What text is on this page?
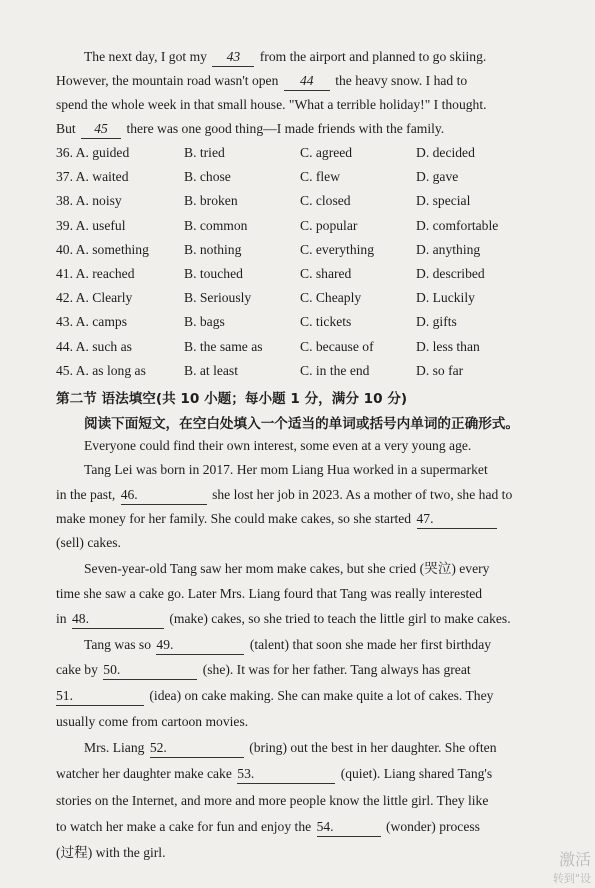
The next day, I got my 43 from the airport and planned to go skiing.
However, the mountain road wasn't open 44 the heavy snow. I had to
spend the whole week in that small house. "What a terrible holiday!" I thought.
But 45 there was one good thing—I made friends with the family.
36. A. guided	B. tried	C. agreed	D. decided
37. A. waited	B. chose	C. flew	D. gave
38. A. noisy	B. broken	C. closed	D. special
39. A. useful	B. common	C. popular	D. comfortable
40. A. something	B. nothing	C. everything	D. anything
41. A. reached	B. touched	C. shared	D. described
42. A. Clearly	B. Seriously	C. Cheaply	D. Luckily
43. A. camps	B. bags	C. tickets	D. gifts
44. A. such as	B. the same as	C. because of	D. less than
45. A. as long as	B. at least	C. in the end	D. so far
第二节 语法填空(共 10 小题；每小题 1 分，满分 10 分)
阅读下面短文，在空白处填入一个适当的单词或括号内单词的正确形式。
Everyone could find their own interest, some even at a very young age.
Tang Lei was born in 2017. Her mom Liang Hua worked in a supermarket
in the past, 46.	she lost her job in 2023. As a mother of two, she had to
make money for her family. She could make cakes, so she started 47.
(sell) cakes.
Seven-year-old Tang saw her mom make cakes, but she cried (哭泣) every
time she saw a cake go. Later Mrs. Liang fourd that Tang was really interested
in 48.	(make) cakes, so she tried to teach the little girl to make cakes.
Tang was so 49.	(talent) that soon she made her first birthday
cake by 50.	(she). It was for her father. Tang always has great
51.	(idea) on cake making. She can make quite a lot of cakes. They
usually come from cartoon movies.
Mrs. Liang 52.	(bring) out the best in her daughter. She often
watcher her daughter make cake 53.	(quiet). Liang shared Tang's
stories on the Internet, and more and more people know the little girl. They like
to watch her make a cake for fun and enjoy the 54.	(wonder) process
(过程) with the girl.	激活
转到"设
